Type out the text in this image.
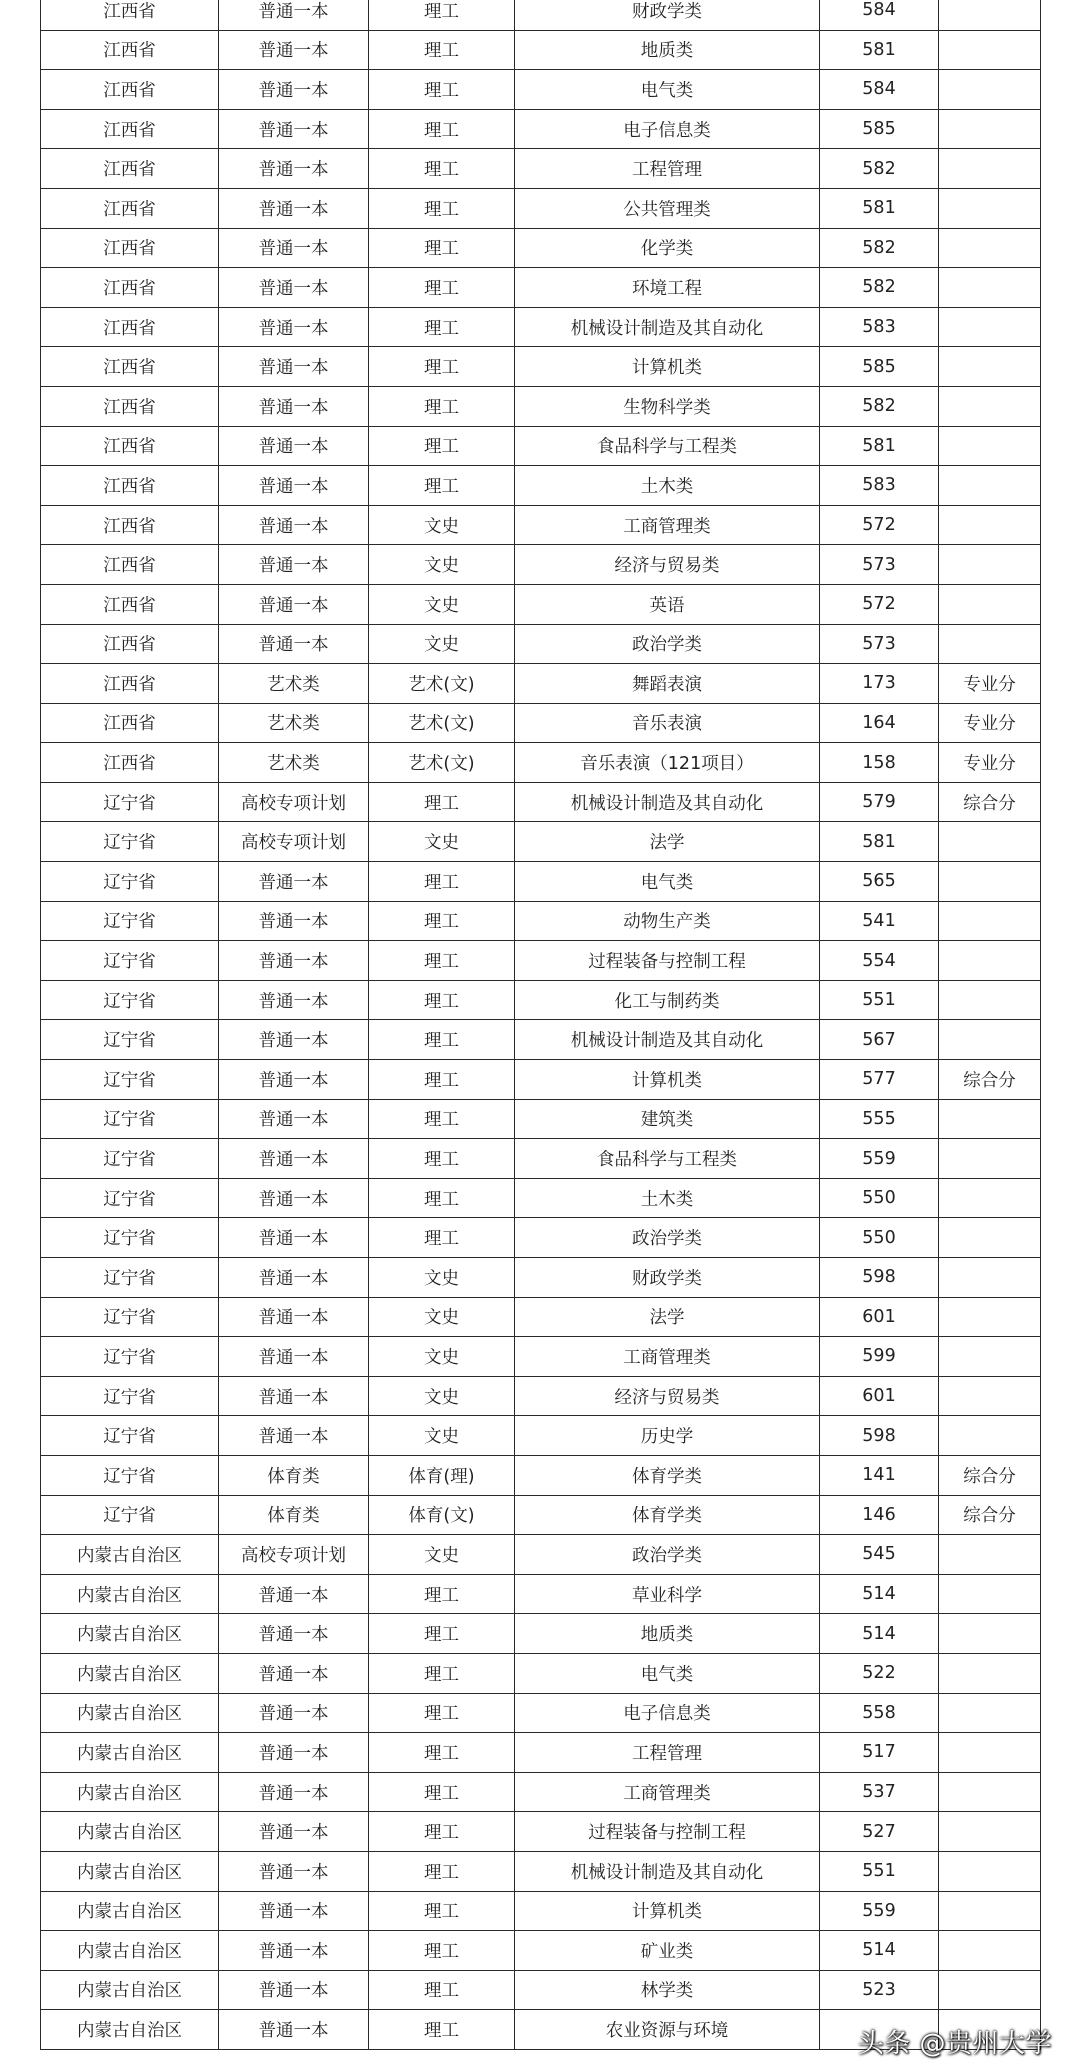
江西省	普通一本	理工	财政学类	584	
江西省	普通一本	理工	地质类	581	
江西省	普通一本	理工	电气类	584	
江西省	普通一本	理工	电子信息类	585	
江西省	普通一本	理工	工程管理	582	
江西省	普通一本	理工	公共管理类	581	
江西省	普通一本	理工	化学类	582	
江西省	普通一本	理工	环境工程	582	
江西省	普通一本	理工	机械设计制造及其自动化	583	
江西省	普通一本	理工	计算机类	585	
江西省	普通一本	理工	生物科学类	582	
江西省	普通一本	理工	食品科学与工程类	581	
江西省	普通一本	理工	土木类	583	
江西省	普通一本	文史	工商管理类	572	
江西省	普通一本	文史	经济与贸易类	573	
江西省	普通一本	文史	英语	572	
江西省	普通一本	文史	政治学类	573	
江西省	艺术类	艺术(文)	舞蹈表演	173	专业分
江西省	艺术类	艺术(文)	音乐表演	164	专业分
江西省	艺术类	艺术(文)	音乐表演（121项目）	158	专业分
辽宁省	高校专项计划	理工	机械设计制造及其自动化	579	综合分
辽宁省	高校专项计划	文史	法学	581	
辽宁省	普通一本	理工	电气类	565	
辽宁省	普通一本	理工	动物生产类	541	
辽宁省	普通一本	理工	过程装备与控制工程	554	
辽宁省	普通一本	理工	化工与制药类	551	
辽宁省	普通一本	理工	机械设计制造及其自动化	567	
辽宁省	普通一本	理工	计算机类	577	综合分
辽宁省	普通一本	理工	建筑类	555	
辽宁省	普通一本	理工	食品科学与工程类	559	
辽宁省	普通一本	理工	土木类	550	
辽宁省	普通一本	理工	政治学类	550	
辽宁省	普通一本	文史	财政学类	598	
辽宁省	普通一本	文史	法学	601	
辽宁省	普通一本	文史	工商管理类	599	
辽宁省	普通一本	文史	经济与贸易类	601	
辽宁省	普通一本	文史	历史学	598	
辽宁省	体育类	体育(理)	体育学类	141	综合分
辽宁省	体育类	体育(文)	体育学类	146	综合分
内蒙古自治区	高校专项计划	文史	政治学类	545	
内蒙古自治区	普通一本	理工	草业科学	514	
内蒙古自治区	普通一本	理工	地质类	514	
内蒙古自治区	普通一本	理工	电气类	522	
内蒙古自治区	普通一本	理工	电子信息类	558	
内蒙古自治区	普通一本	理工	工程管理	517	
内蒙古自治区	普通一本	理工	工商管理类	537	
内蒙古自治区	普通一本	理工	过程装备与控制工程	527	
内蒙古自治区	普通一本	理工	机械设计制造及其自动化	551	
内蒙古自治区	普通一本	理工	计算机类	559	
内蒙古自治区	普通一本	理工	矿业类	514	
内蒙古自治区	普通一本	理工	林学类	523	
内蒙古自治区	普通一本	理工	农业资源与环境			头条 @贵州大学
